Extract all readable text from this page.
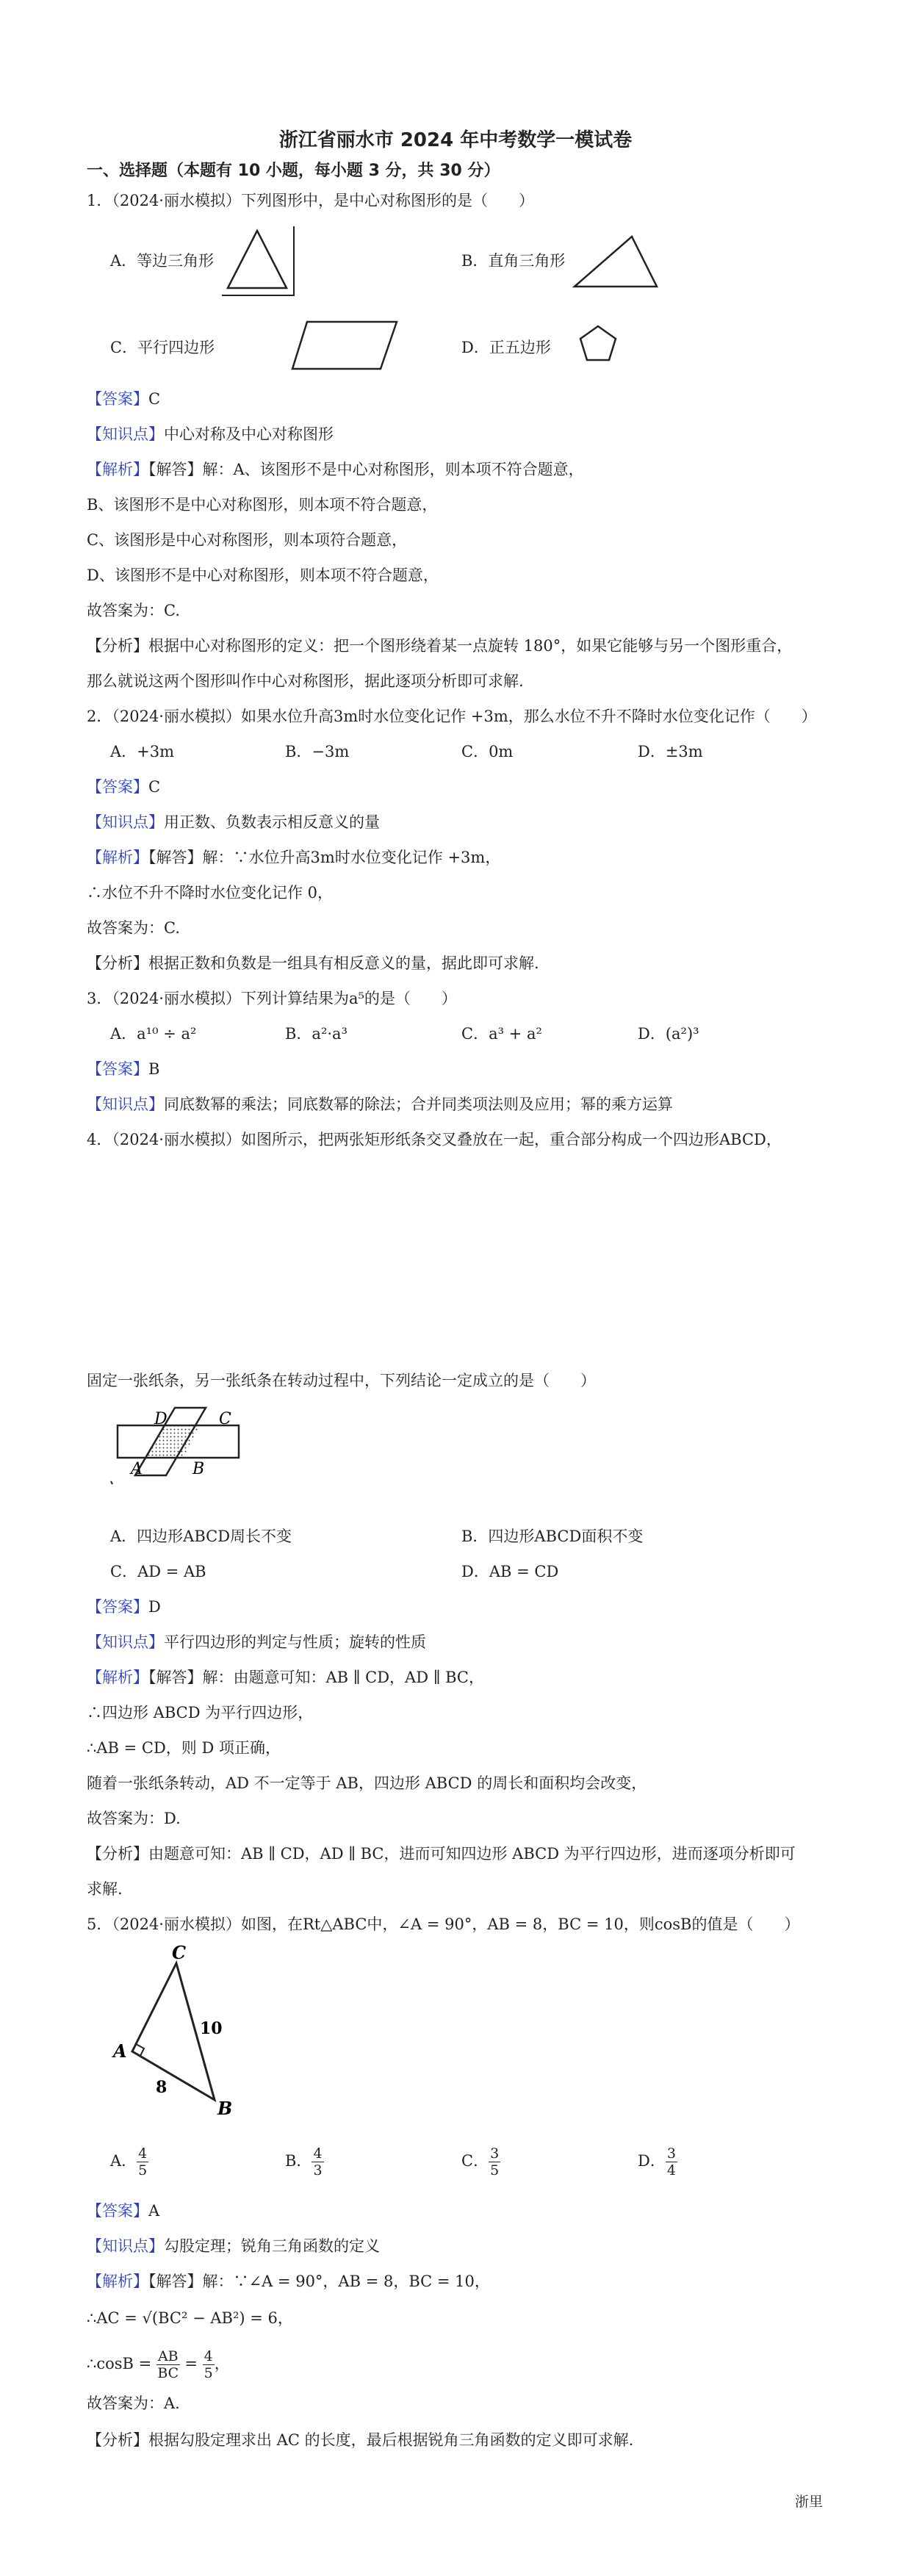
浙江省丽水市 2024 年中考数学一模试卷
一、选择题（本题有 10 小题，每小题 3 分，共 30 分）
1．（2024·丽水模拟）下列图形中，是中心对称图形的是（　　）
A．等边三角形	B．直角三角形
C．平行四边形	D．正五边形
【答案】C
【知识点】中心对称及中心对称图形
【解析】【解答】解：A、该图形不是中心对称图形，则本项不符合题意，
B、该图形不是中心对称图形，则本项不符合题意，
C、该图形是中心对称图形，则本项符合题意，
D、该图形不是中心对称图形，则本项不符合题意，
故答案为：C.
【分析】根据中心对称图形的定义：把一个图形绕着某一点旋转 180°，如果它能够与另一个图形重合，
那么就说这两个图形叫作中心对称图形，据此逐项分析即可求解.
2．（2024·丽水模拟）如果水位升高3m时水位变化记作 +3m，那么水位不升不降时水位变化记作（　　）
A．+3m	B．−3m	C．0m	D．±3m
【答案】C
【知识点】用正数、负数表示相反意义的量
【解析】【解答】解：∵水位升高3m时水位变化记作 +3m，
∴水位不升不降时水位变化记作 0，
故答案为：C.
【分析】根据正数和负数是一组具有相反意义的量，据此即可求解.
3．（2024·丽水模拟）下列计算结果为a⁵的是（　　）
A．a¹⁰ ÷ a²	B．a²·a³	C．a³ + a²	D．(a²)³
【答案】B
【知识点】同底数幂的乘法；同底数幂的除法；合并同类项法则及应用；幂的乘方运算
4．（2024·丽水模拟）如图所示，把两张矩形纸条交叉叠放在一起，重合部分构成一个四边形ABCD，
固定一张纸条，另一张纸条在转动过程中，下列结论一定成立的是（　　）
D	C
A	B
A．四边形ABCD周长不变	B．四边形ABCD面积不变
C．AD = AB	D．AB = CD
【答案】D
【知识点】平行四边形的判定与性质；旋转的性质
【解析】【解答】解：由题意可知：AB ∥ CD，AD ∥ BC，
∴四边形 ABCD 为平行四边形，
∴AB = CD，则 D 项正确，
随着一张纸条转动，AD 不一定等于 AB，四边形 ABCD 的周长和面积均会改变，
故答案为：D.
【分析】由题意可知：AB ∥ CD，AD ∥ BC，进而可知四边形 ABCD 为平行四边形，进而逐项分析即可
求解.
5．（2024·丽水模拟）如图，在Rt△ABC中，∠A = 90°，AB = 8，BC = 10，则cosB的值是（　　）
C
A
B
10
8
A． $\frac{4}{5}$	B． $\frac{4}{3}$	C． $\frac{3}{5}$	D． $\frac{3}{4}$
【答案】A
【知识点】勾股定理；锐角三角函数的定义
【解析】【解答】解：∵∠A = 90°，AB = 8，BC = 10，
∴AC = √(BC² − AB²) = 6，
∴cosB = $\frac{AB}{BC} = \frac{4}{5}$ ，
故答案为：A.
【分析】根据勾股定理求出 AC 的长度，最后根据锐角三角函数的定义即可求解.
浙里
